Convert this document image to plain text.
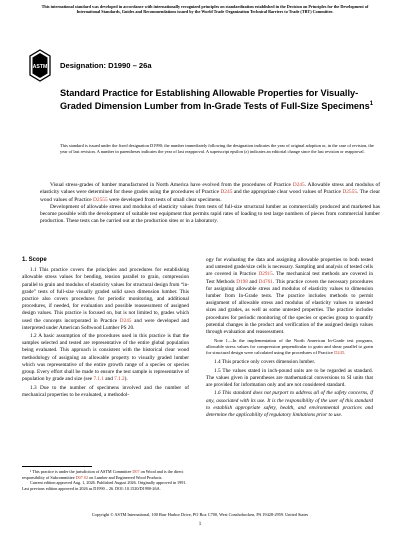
This international standard was developed in accordance with internationally recognized principles on standardization established in the Decision on Principles for the Development of International Standards, Guides and Recommendations issued by the World Trade Organization Technical Barriers to Trade (TBT) Committee.
ASTM Designation: D1990 – 26a
Standard Practice for Establishing Allowable Properties for Visually-Graded Dimension Lumber from In-Grade Tests of Full-Size Specimens$^1$
This standard is issued under the fixed designation D1990; the number immediately following the designation indicates the year of original adoption or, in the case of revision, the year of last revision. A number in parentheses indicates the year of last reapproval. A superscript epsilon (ε) indicates an editorial change since the last revision or reapproval.

Visual stress-grades of lumber manufactured in North America have evolved from the procedures of Practice D245. Allowable stress and modulus of elasticity values were determined for these grades using the procedures of Practice D245 and the appropriate clear wood values of Practice D2555. The clear wood values of Practice D2555 were developed from tests of small clear specimens.

Development of allowable stress and modulus of elasticity values from tests of full-size structural lumber as commercially produced and marketed has become possible with the development of suitable test equipment that permits rapid rates of loading to test large numbers of pieces from commercial lumber production. These tests can be carried out at the production sites or in a laboratory.

1. Scope

1.1 This practice covers the principles and procedures for establishing allowable stress values for bending, tension parallel to grain, compression parallel to grain and modulus of elasticity values for structural design from “in-grade” tests of full-size visually graded solid sawn dimension lumber. This practice also covers procedures for periodic monitoring, and additional procedures, if needed, for evaluation and possible reassessment of assigned design values. This practice is focused on, but is not limited to, grades which used the concepts incorporated in Practice D245 and were developed and interpreted under American Softwood Lumber PS 20.

1.2 A basic assumption of the procedures used in this practice is that the samples selected and tested are representative of the entire global population being evaluated. This approach is consistent with the historical clear wood methodology of assigning an allowable property to visually graded lumber which was representative of the entire growth range of a species or species group. Every effort shall be made to ensure the test sample is representative of population by grade and size (see 7.1.1 and 7.1.2).

1.3 Due to the number of specimens involved and the number of mechanical properties to be evaluated, a methodol-

ogy for evaluating the data and assigning allowable properties to both tested and untested grade/size cells is necessary. Sampling and analysis of tested cells are covered in Practice D2915. The mechanical test methods are covered in Test Methods D198 and D4761. This practice covers the necessary procedures for assigning allowable stress and modulus of elasticity values to dimension lumber from In-Grade tests. The practice includes methods to permit assignment of allowable stress and modulus of elasticity values to untested sizes and grades, as well as some untested properties. The practice includes procedures for periodic monitoring of the species or species group to quantify potential changes in the product and verification of the assigned design values through evaluation and reassessment.

Note 1—In the implementation of the North American In-Grade test program, allowable stress values for compression perpendicular to grain and shear parallel to grain for structural design were calculated using the procedures of Practice D245.

1.4 This practice only covers dimension lumber.

1.5 The values stated in inch-pound units are to be regarded as standard. The values given in parentheses are mathematical conversions to SI units that are provided for information only and are not considered standard.

1.6 This standard does not purport to address all of the safety concerns, if any, associated with its use. It is the responsibility of the user of this standard to establish appropriate safety, health, and environmental practices and determine the applicability of regulatory limitations prior to use.

¹ This practice is under the jurisdiction of ASTM Committee D07 on Wood and is the direct responsibility of Subcommittee D07.02 on Lumber and Engineered Wood Products.

Current edition approved Aug. 1, 2026. Published August 2026. Originally approved in 1991. Last previous edition approved in 2026 as D1990 – 26. DOI: 10.1520/D1990-26A.

Copyright © ASTM International, 100 Barr Harbor Drive, PO Box C700, West Conshohocken, PA 19428-2959. United States
1
